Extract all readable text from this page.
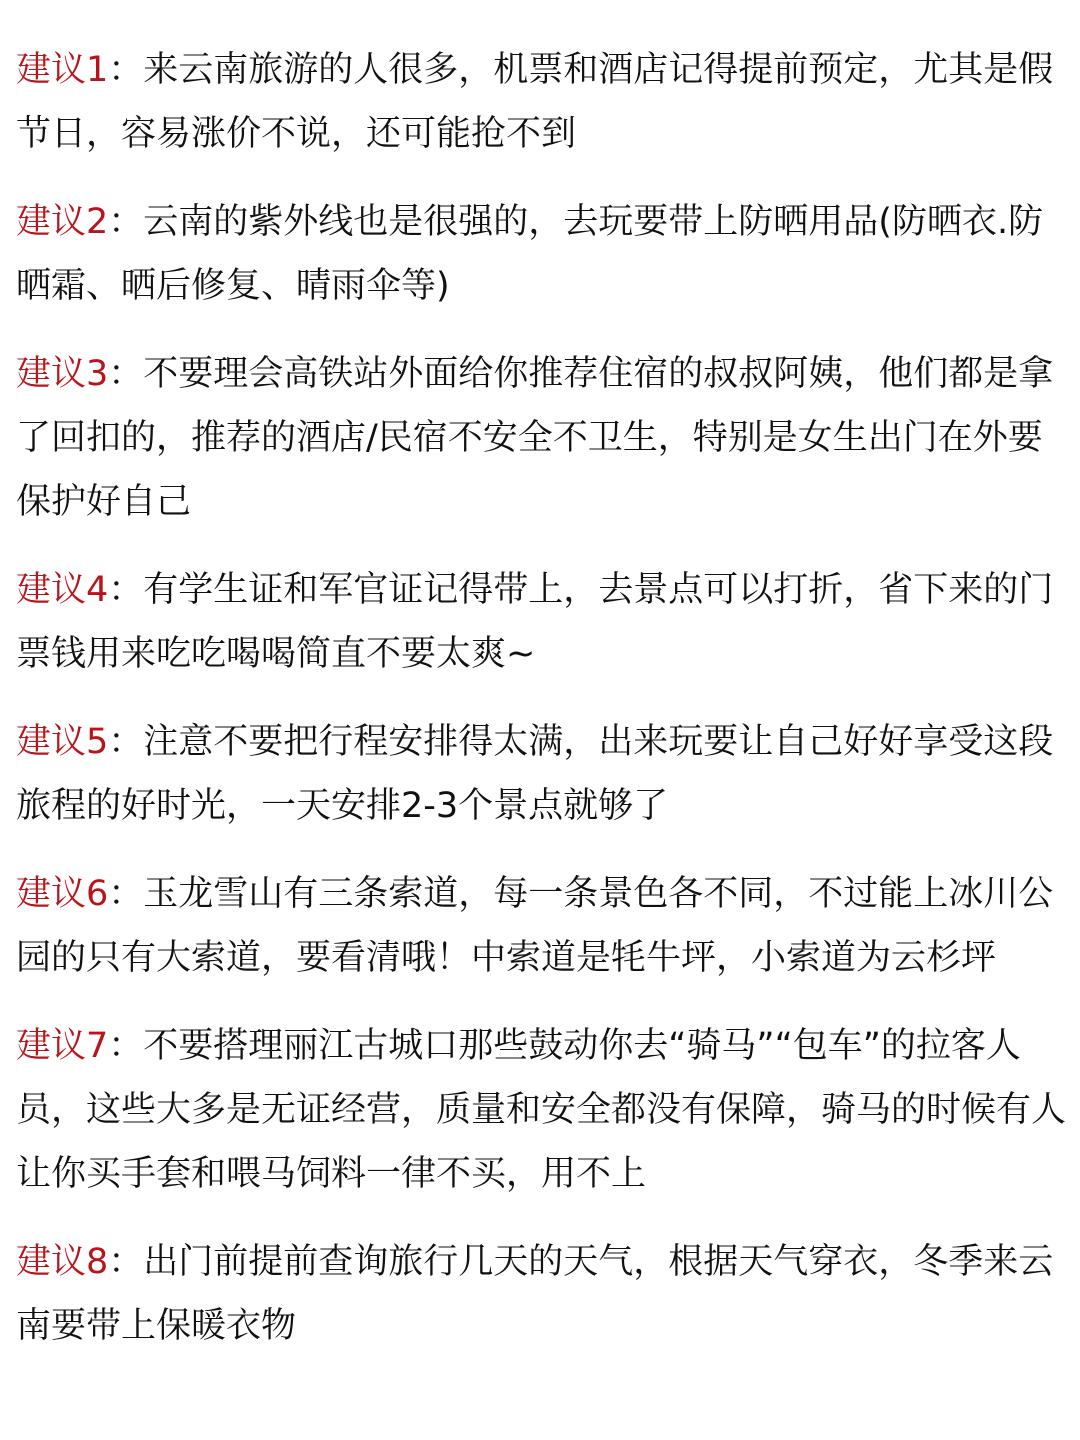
建议1：来云南旅游的人很多，机票和酒店记得提前预定，尤其是假节日，容易涨价不说，还可能抢不到

建议2：云南的紫外线也是很强的，去玩要带上防晒用品(防晒衣.防晒霜、晒后修复、晴雨伞等)

建议3：不要理会高铁站外面给你推荐住宿的叔叔阿姨，他们都是拿了回扣的，推荐的酒店/民宿不安全不卫生，特别是女生出门在外要保护好自己

建议4：有学生证和军官证记得带上，去景点可以打折，省下来的门票钱用来吃吃喝喝简直不要太爽~

建议5：注意不要把行程安排得太满，出来玩要让自己好好享受这段旅程的好时光，一天安排2-3个景点就够了

建议6：玉龙雪山有三条索道，每一条景色各不同，不过能上冰川公园的只有大索道，要看清哦！中索道是牦牛坪，小索道为云杉坪

建议7：不要搭理丽江古城口那些鼓动你去“骑马”“包车”的拉客人员，这些大多是无证经营，质量和安全都没有保障，骑马的时候有人让你买手套和喂马饲料一律不买，用不上

建议8：出门前提前查询旅行几天的天气，根据天气穿衣，冬季来云南要带上保暖衣物
